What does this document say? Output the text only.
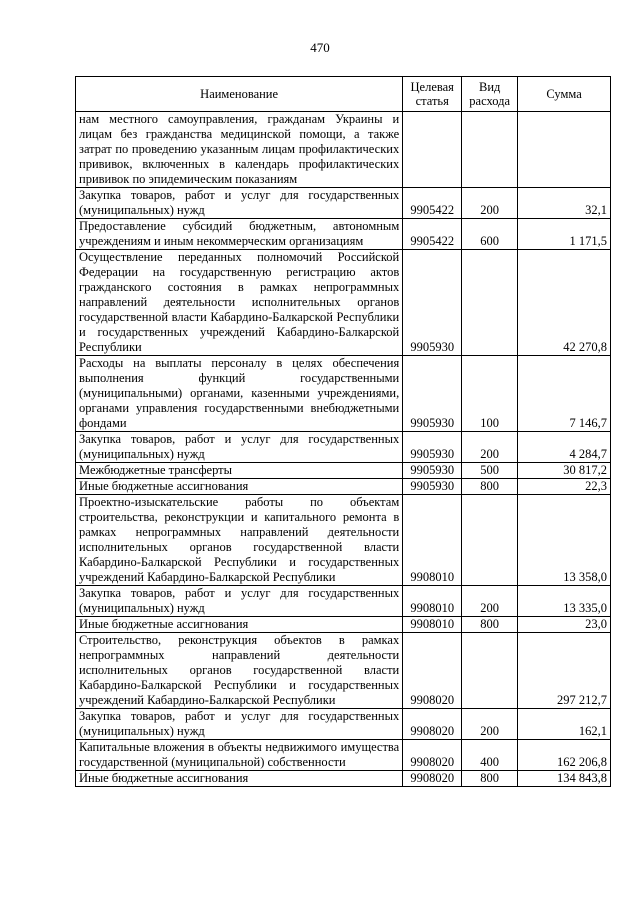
470
Наименование	Целевая статья	Вид расхода	Сумма
нам местного самоуправления, гражданам Украины и лицам без гражданства медицинской помощи, а также затрат по проведению указанным лицам профилактических прививок, включенных в календарь профилактических прививок по эпидемическим показаниям			
Закупка товаров, работ и услуг для государственных (муниципальных) нужд	9905422	200	32,1
Предоставление субсидий бюджетным, автономным учреждениям и иным некоммерческим организациям	9905422	600	1 171,5
Осуществление переданных полномочий Российской Федерации на государственную регистрацию актов гражданского состояния в рамках непрограммных направлений деятельности исполнительных органов государственной власти Кабардино-Балкарской Республики и государственных учреждений Кабардино-Балкарской Республики	9905930		42 270,8
Расходы на выплаты персоналу в целях обеспечения выполнения функций государственными (муниципальными) органами, казенными учреждениями, органами управления государственными внебюджетными фондами	9905930	100	7 146,7
Закупка товаров, работ и услуг для государственных (муниципальных) нужд	9905930	200	4 284,7
Межбюджетные трансферты	9905930	500	30 817,2
Иные бюджетные ассигнования	9905930	800	22,3
Проектно-изыскательские работы по объектам строительства, реконструкции и капитального ремонта в рамках непрограммных направлений деятельности исполнительных органов государственной власти Кабардино-Балкарской Республики и государственных учреждений Кабардино-Балкарской Республики	9908010		13 358,0
Закупка товаров, работ и услуг для государственных (муниципальных) нужд	9908010	200	13 335,0
Иные бюджетные ассигнования	9908010	800	23,0
Строительство, реконструкция объектов в рамках непрограммных направлений деятельности исполнительных органов государственной власти Кабардино-Балкарской Республики и государственных учреждений Кабардино-Балкарской Республики	9908020		297 212,7
Закупка товаров, работ и услуг для государственных (муниципальных) нужд	9908020	200	162,1
Капитальные вложения в объекты недвижимого имущества государственной (муниципальной) собственности	9908020	400	162 206,8
Иные бюджетные ассигнования	9908020	800	134 843,8
